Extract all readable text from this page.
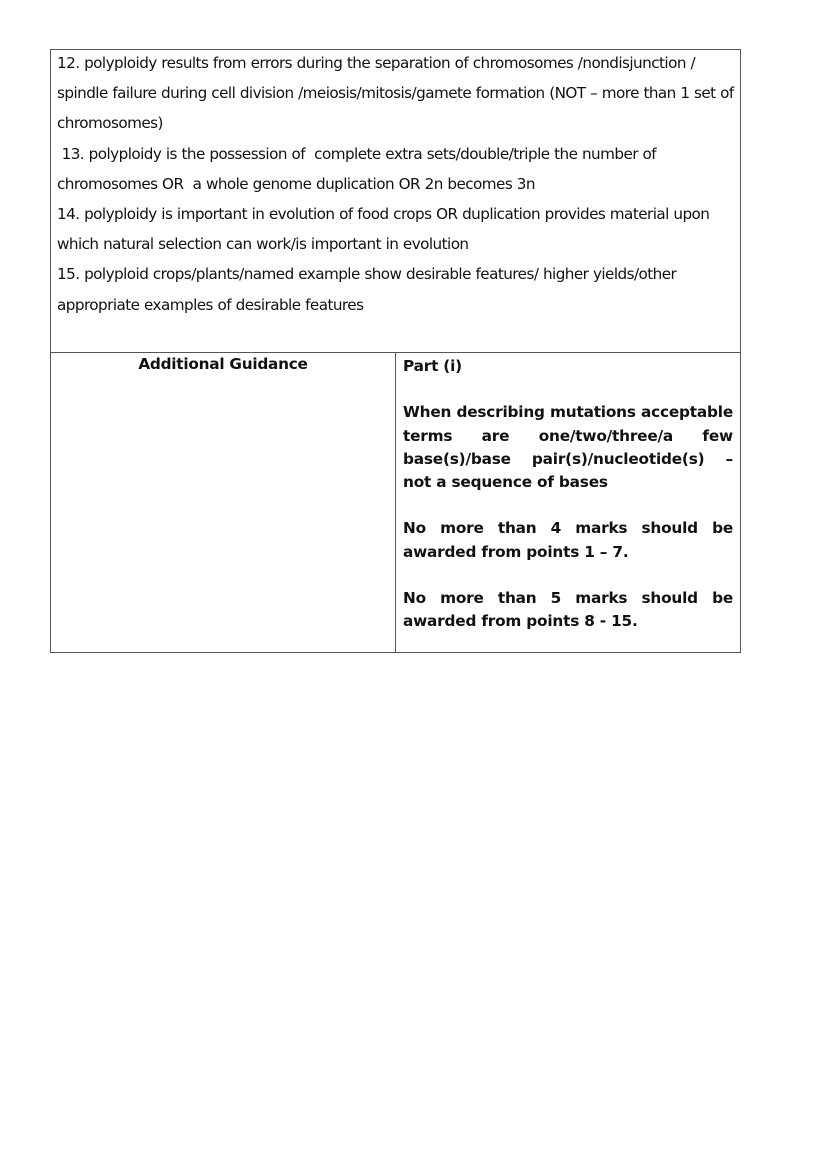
12. polyploidy results from errors during the separation of chromosomes /nondisjunction / spindle failure during cell division /meiosis/mitosis/gamete formation (NOT – more than 1 set of  chromosomes)

13. polyploidy is the possession of  complete extra sets/double/triple the number of chromosomes OR  a whole genome duplication OR 2n becomes 3n

14. polyploidy is important in evolution of food crops OR duplication provides material upon which natural selection can work/is important in evolution

15. polyploid crops/plants/named example show desirable features/ higher yields/other appropriate examples of desirable features

Additional Guidance	Part (i)

When describing mutations acceptable terms are one/two/three/a few base(s)/base pair(s)/nucleotide(s) – not a sequence of bases

No more than 4 marks should be awarded from points 1 – 7.

No more than 5 marks should be awarded from points 8 - 15.
